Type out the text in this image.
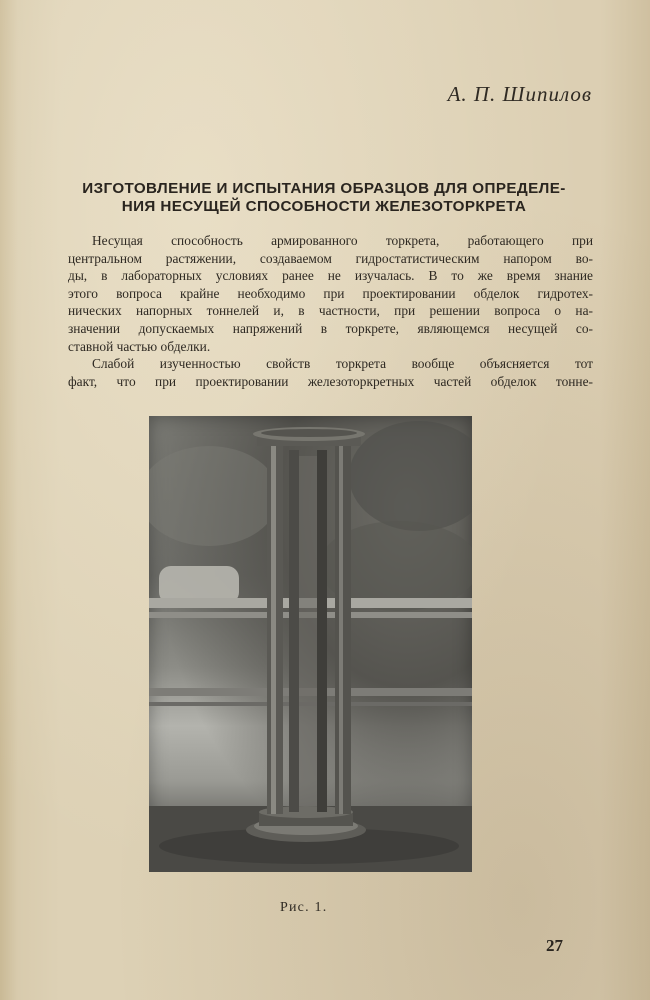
А. П. Шипилов
ИЗГОТОВЛЕНИЕ И ИСПЫТАНИЯ ОБРАЗЦОВ ДЛЯ ОПРЕДЕЛЕ-
НИЯ НЕСУЩЕЙ СПОСОБНОСТИ ЖЕЛЕЗОТОРКРЕТА
Несущая способность армированного торкрета, работающего при
центральном растяжении, создаваемом гидростатистическим напором во-
ды, в лабораторных условиях ранее не изучалась. В то же время знание
этого вопроса крайне необходимо при проектировании обделок гидротех-
нических напорных тоннелей и, в частности, при решении вопроса о на-
значении допускаемых напряжений в торкрете, являющемся несущей со-
ставной частью обделки.
Слабой изученностью свойств торкрета вообще объясняется тот
факт, что при проектировании железоторкретных частей обделок тонне-
Рис. 1.
27
